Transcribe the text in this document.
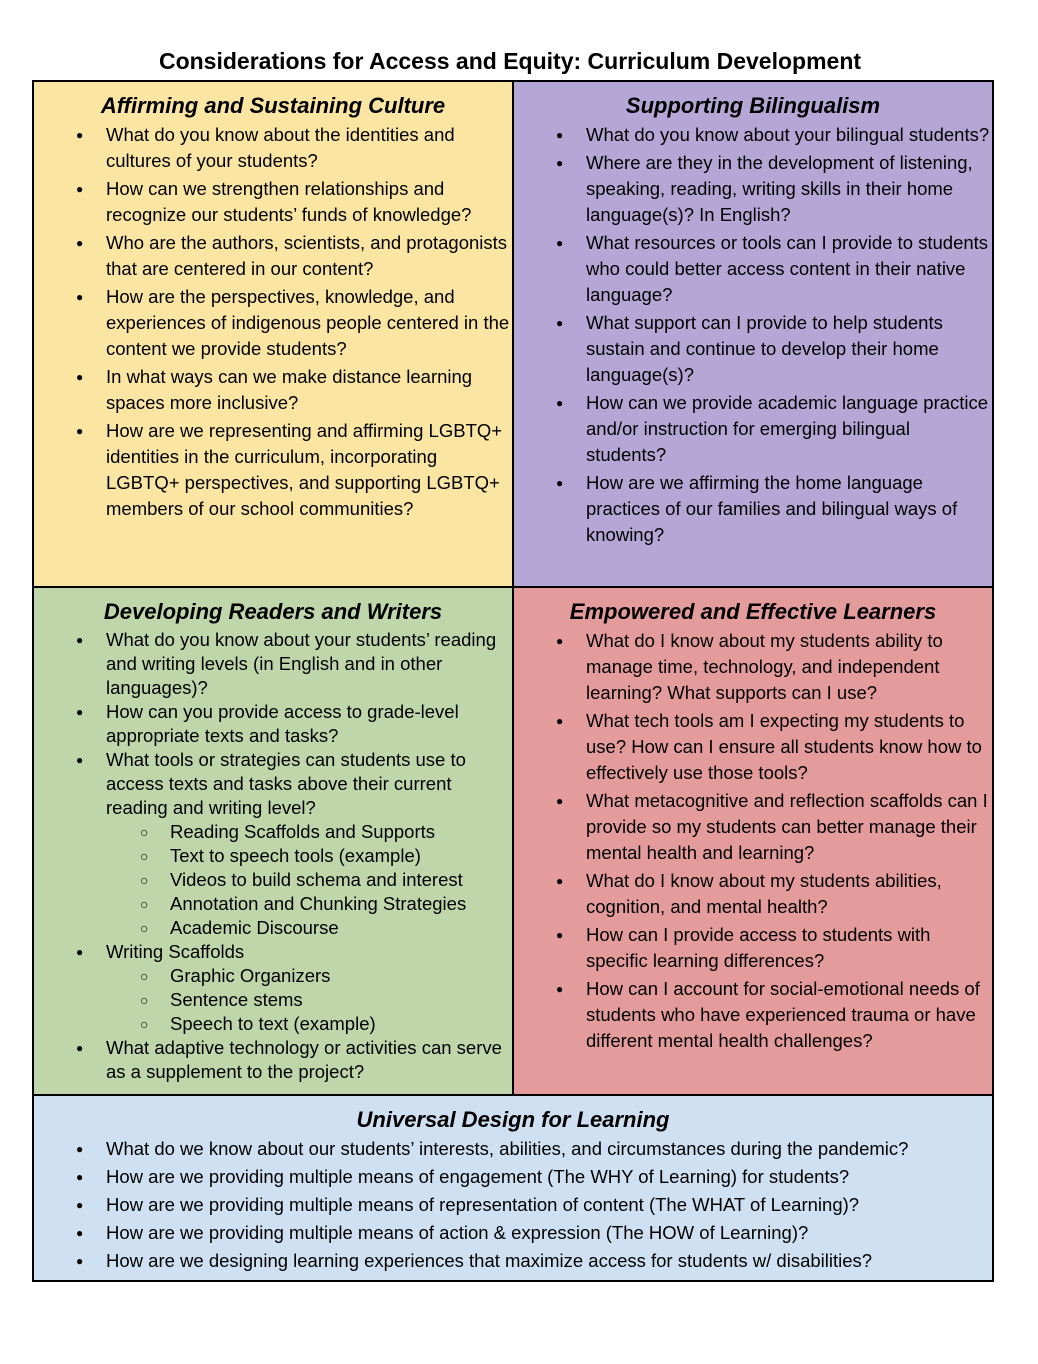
Considerations for Access and Equity: Curriculum Development
Affirming and Sustaining Culture
● What do you know about the identities and cultures of your students?
● How can we strengthen relationships and recognize our students’ funds of knowledge?
● Who are the authors, scientists, and protagonists that are centered in our content?
● How are the perspectives, knowledge, and experiences of indigenous people centered in the content we provide students?
● In what ways can we make distance learning spaces more inclusive?
● How are we representing and affirming LGBTQ+ identities in the curriculum, incorporating LGBTQ+ perspectives, and supporting LGBTQ+ members of our school communities?
Supporting Bilingualism
● What do you know about your bilingual students?
● Where are they in the development of listening, speaking, reading, writing skills in their home language(s)? In English?
● What resources or tools can I provide to students who could better access content in their native language?
● What support can I provide to help students sustain and continue to develop their home language(s)?
● How can we provide academic language practice and/or instruction for emerging bilingual students?
● How are we affirming the home language practices of our families and bilingual ways of knowing?
Developing Readers and Writers
● What do you know about your students’ reading and writing levels (in English and in other languages)?
● How can you provide access to grade-level appropriate texts and tasks?
● What tools or strategies can students use to access texts and tasks above their current reading and writing level?
○ Reading Scaffolds and Supports
○ Text to speech tools (example)
○ Videos to build schema and interest
○ Annotation and Chunking Strategies
○ Academic Discourse
● Writing Scaffolds
○ Graphic Organizers
○ Sentence stems
○ Speech to text (example)
● What adaptive technology or activities can serve as a supplement to the project?
Empowered and Effective Learners
● What do I know about my students ability to manage time, technology, and independent learning? What supports can I use?
● What tech tools am I expecting my students to use? How can I ensure all students know how to effectively use those tools?
● What metacognitive and reflection scaffolds can I provide so my students can better manage their mental health and learning?
● What do I know about my students abilities, cognition, and mental health?
● How can I provide access to students with specific learning differences?
● How can I account for social-emotional needs of students who have experienced trauma or have different mental health challenges?
Universal Design for Learning
● What do we know about our students’ interests, abilities, and circumstances during the pandemic?
● How are we providing multiple means of engagement (The WHY of Learning) for students?
● How are we providing multiple means of representation of content (The WHAT of Learning)?
● How are we providing multiple means of action & expression (The HOW of Learning)?
● How are we designing learning experiences that maximize access for students w/ disabilities?
